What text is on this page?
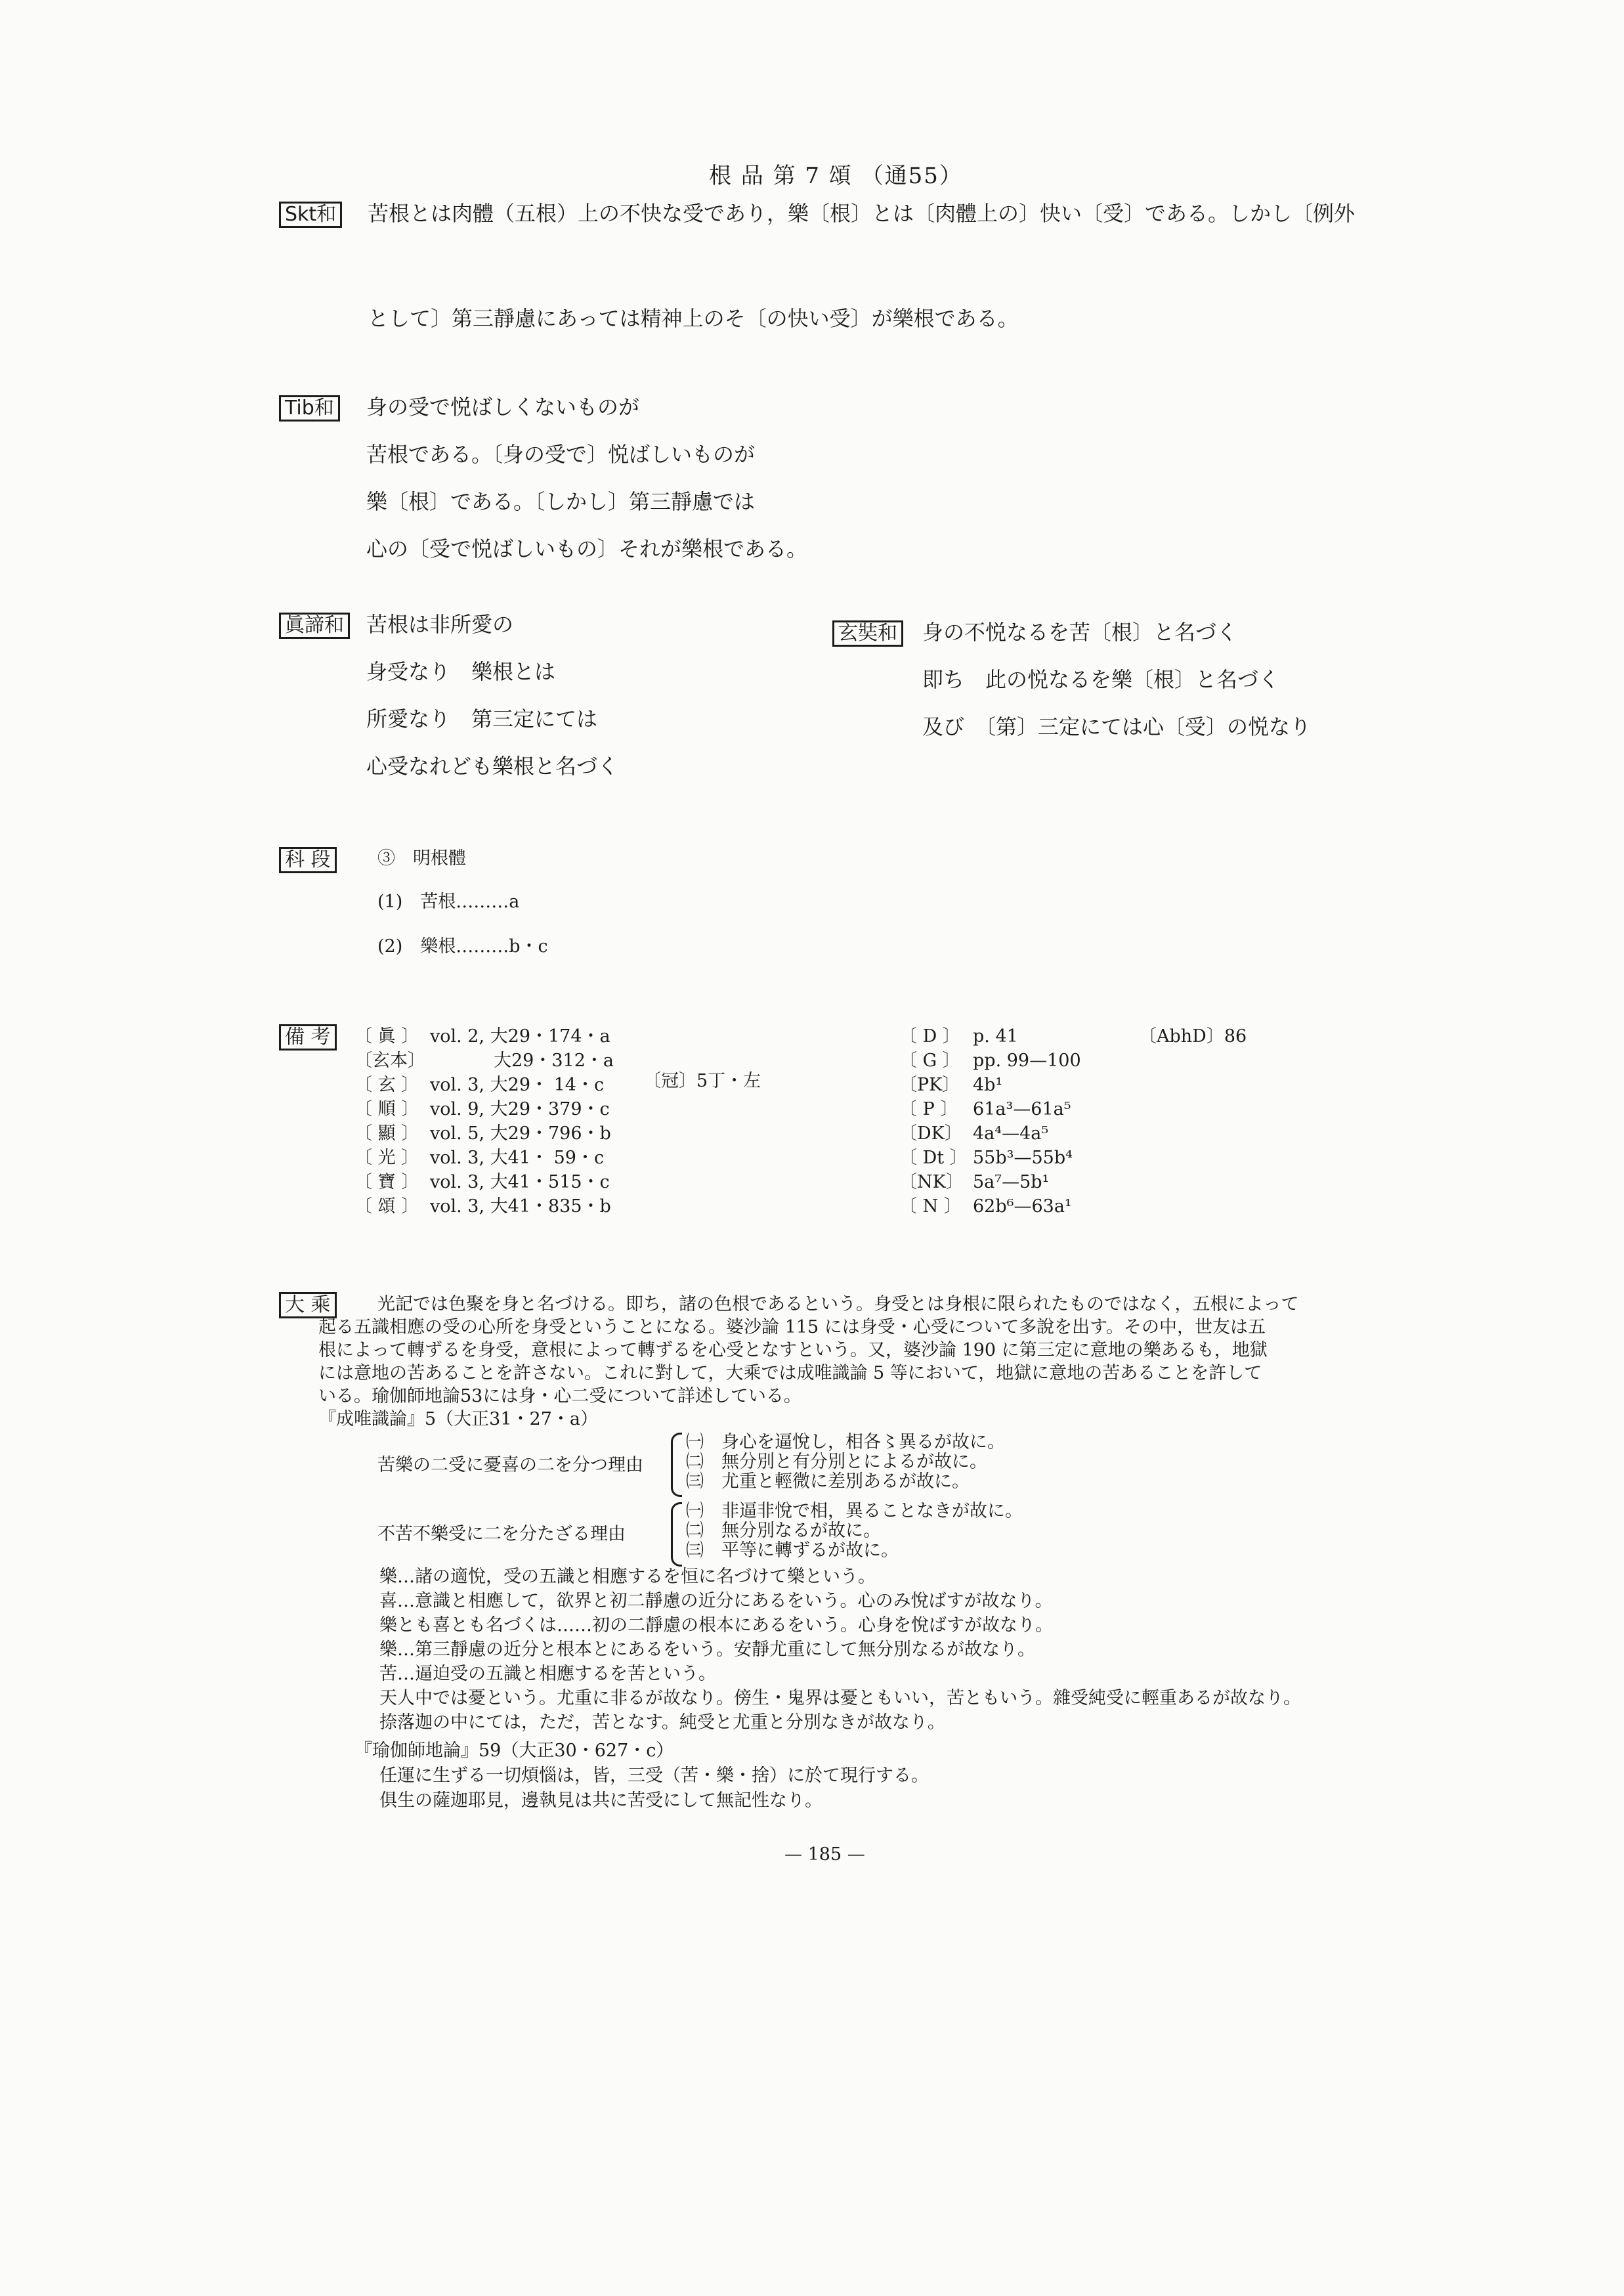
根 品 第 7 頌 （通55）
Skt和 苦根とは肉體（五根）上の不快な受であり，樂〔根〕とは〔肉體上の〕快い〔受〕である。しかし〔例外
として〕第三靜慮にあっては精神上のそ〔の快い受〕が樂根である。
Tib和 身の受で悦ばしくないものが
苦根である。〔身の受で〕悦ばしいものが
樂〔根〕である。〔しかし〕第三靜慮では
心の〔受で悦ばしいもの〕それが樂根である。
眞諦和 苦根は非所愛の
身受なり　樂根とは
所愛なり　第三定にては
心受なれども樂根と名づく
玄奘和 身の不悦なるを苦〔根〕と名づく
即ち　此の悦なるを樂〔根〕と名づく
及び　〔第〕三定にては心〔受〕の悦なり
科 段	③　明根體
(1)　苦根………a
(2)　樂根………b・c
備 考	〔 眞 〕 vol. 2, 大29・174・a
〔玄本〕	大29・312・a
〔 玄 〕 vol. 3, 大29・ 14・c
〔 順 〕 vol. 9, 大29・379・c
〔 顯 〕 vol. 5, 大29・796・b
〔 光 〕 vol. 3, 大41・ 59・c
〔 寶 〕 vol. 3, 大41・515・c
〔 頌 〕 vol. 3, 大41・835・b
〔冠〕5丁・左
〔 D 〕 p. 41
〔 G 〕 pp. 99—100
〔PK〕 4b¹
〔 P 〕 61a³—61a⁵
〔DK〕 4a⁴—4a⁵
〔 Dt 〕 55b³—55b⁴
〔NK〕 5a⁷—5b¹
〔 N 〕 62b⁶—63a¹
〔AbhD〕86
大 乘	光記では色聚を身と名づける。即ち，諸の色根であるという。身受とは身根に限られたものではなく，五根によって
起る五識相應の受の心所を身受ということになる。婆沙論 115 には身受・心受について多說を出す。その中，世友は五
根によって轉ずるを身受，意根によって轉ずるを心受となすという。又，婆沙論 190 に第三定に意地の樂あるも，地獄
には意地の苦あることを許さない。これに對して，大乘では成唯識論 5 等において，地獄に意地の苦あることを許して
いる。瑜伽師地論53には身・心二受について詳述している。
『成唯識論』5（大正31・27・a）
苦樂の二受に憂喜の二を分つ理由
㈠　身心を逼悅し，相各〻異るが故に。
㈡　無分別と有分別とによるが故に。
㈢　尤重と輕微に差別あるが故に。
不苦不樂受に二を分たざる理由
㈠　非逼非悅で相，異ることなきが故に。
㈡　無分別なるが故に。
㈢　平等に轉ずるが故に。
樂…諸の適悅，受の五識と相應するを恒に名づけて樂という。
喜…意識と相應して，欲界と初二靜慮の近分にあるをいう。心のみ悅ばすが故なり。
樂とも喜とも名づくは……初の二靜慮の根本にあるをいう。心身を悅ばすが故なり。
樂…第三靜慮の近分と根本とにあるをいう。安靜尤重にして無分別なるが故なり。
苦…逼迫受の五識と相應するを苦という。
天人中では憂という。尤重に非るが故なり。傍生・鬼界は憂ともいい，苦ともいう。雜受純受に輕重あるが故なり。
捺落迦の中にては，ただ，苦となす。純受と尤重と分別なきが故なり。
『瑜伽師地論』59（大正30・627・c）
任運に生ずる一切煩惱は，皆，三受（苦・樂・捨）に於て現行する。
俱生の薩迦耶見，邊執見は共に苦受にして無記性なり。
— 185 —
